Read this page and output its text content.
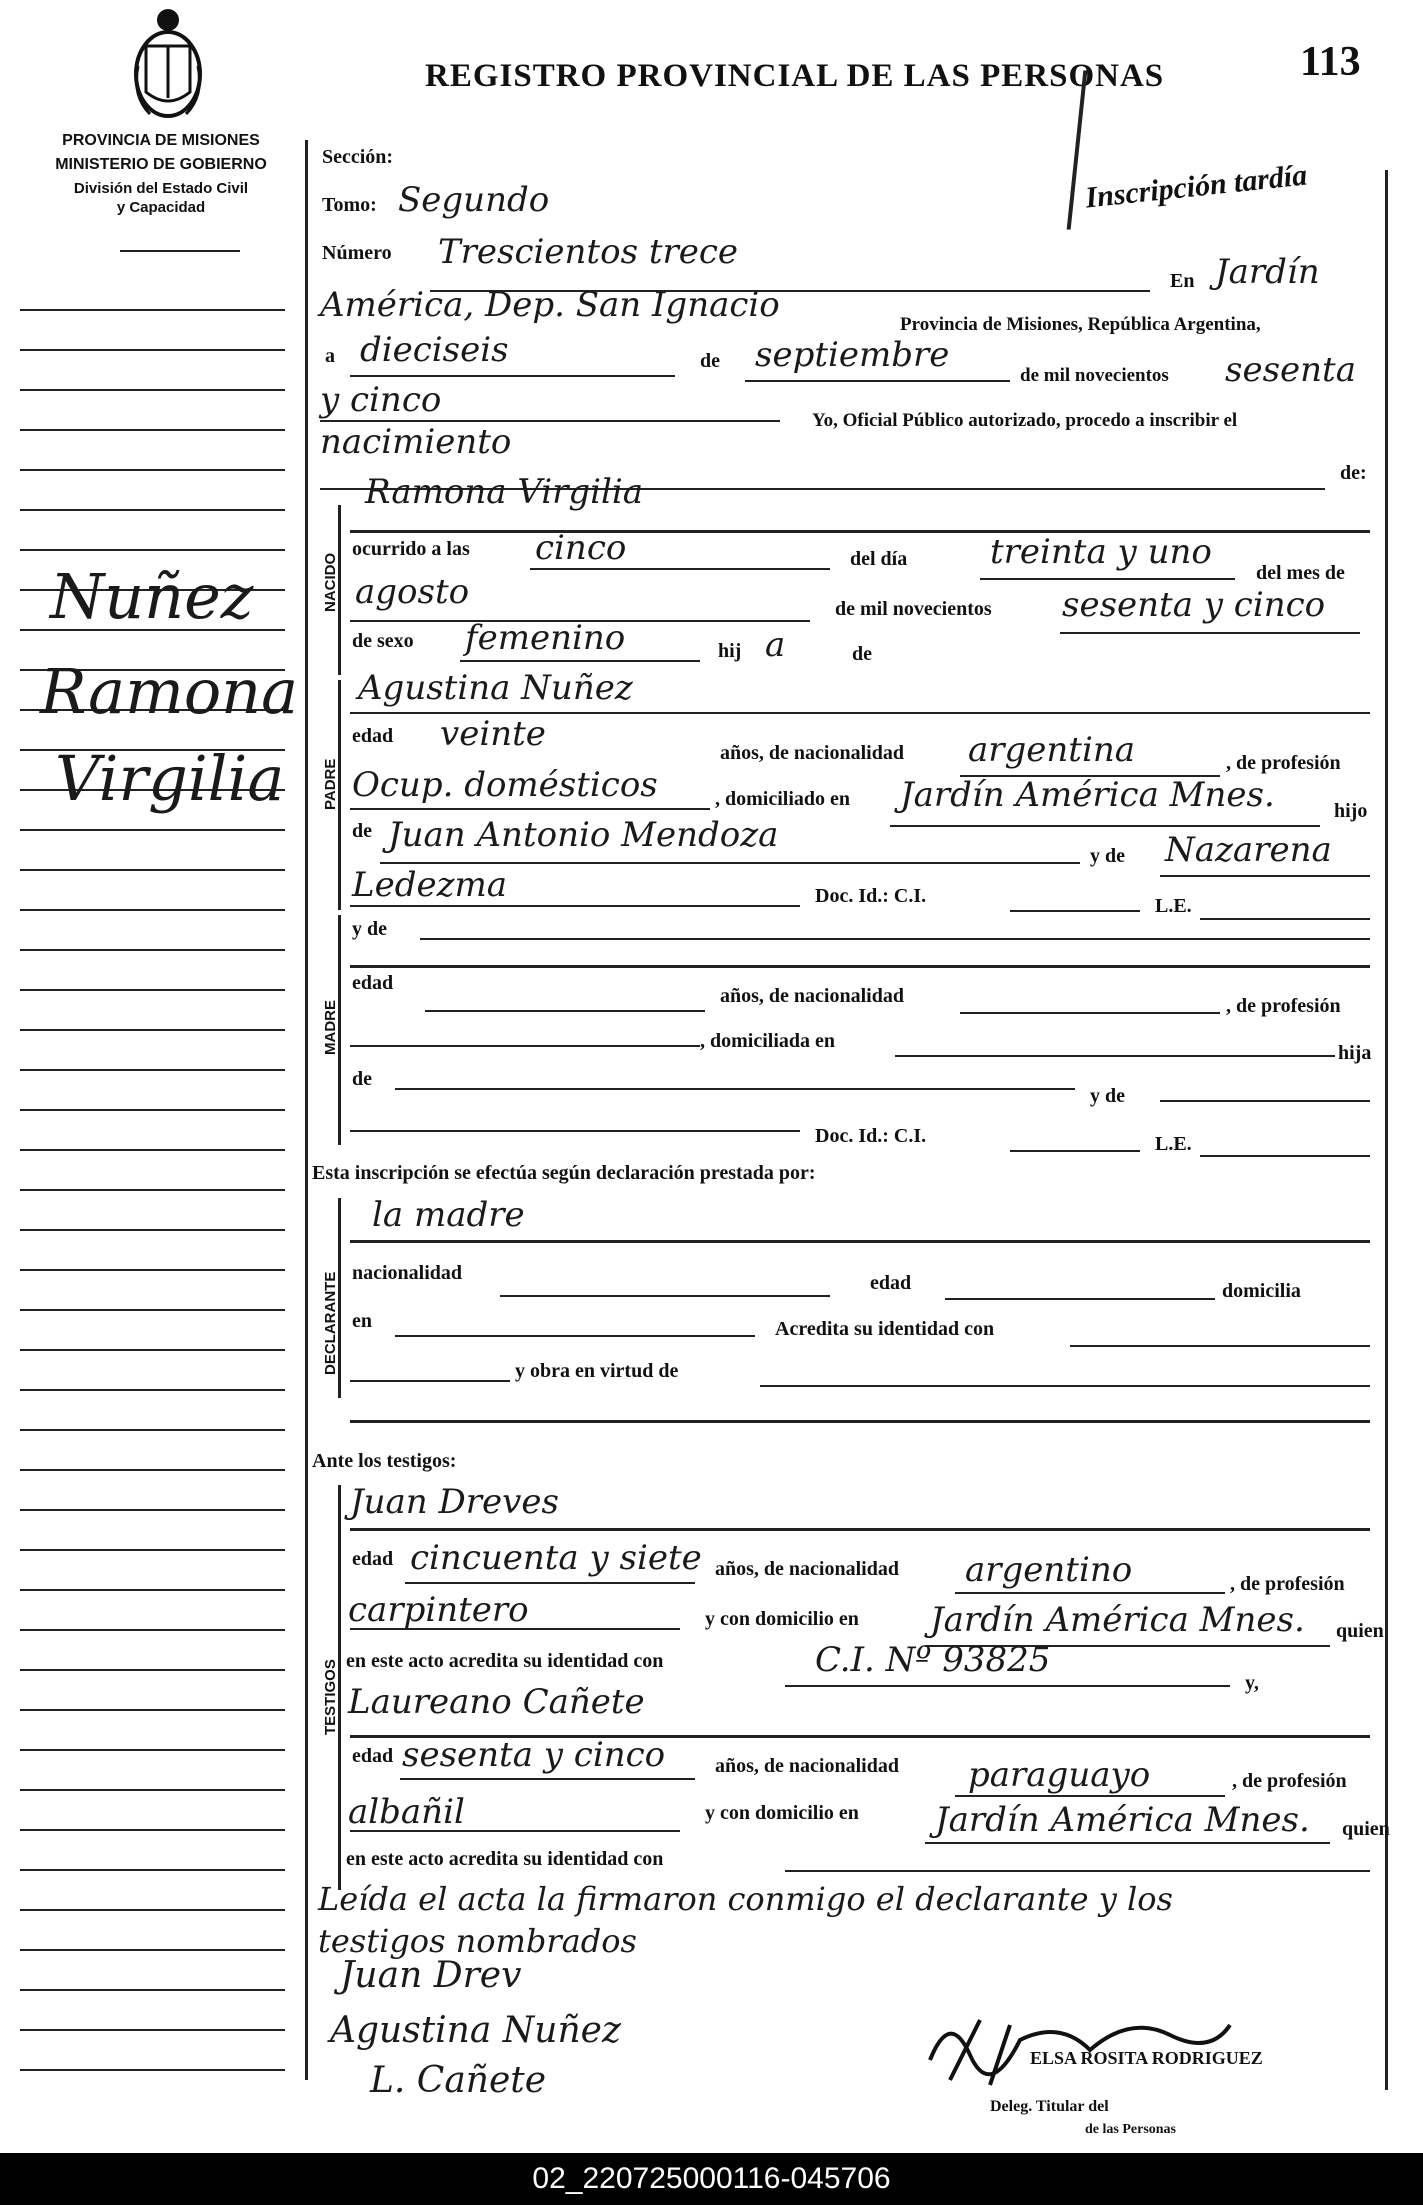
REGISTRO PROVINCIAL DE LAS PERSONAS	113
PROVINCIA DE MISIONES
MINISTERIO DE GOBIERNO
División del Estado Civil
y Capacidad
Nuñez
Ramona
Virgilia
Sección:
Tomo: Segundo	Inscripción tardía
Número Trescientos trece
En Jardín
América, Dep. San Ignacio	Provincia de Misiones, República Argentina,
a dieciseis	de septiembre
de mil novecientos sesenta
y cinco
Yo, Oficial Público autorizado, procedo a inscribir el
nacimiento
de:
NACIDO
Ramona Virgilia
ocurrido a las cinco	del día treinta y uno
del mes de
agosto	de mil novecientos sesenta y cinco
de sexo femenino	hij a	de
PADRE
Agustina Nuñez
edad veinte	años, de nacionalidad argentina	, de profesión
Ocup. domésticos	, domiciliado en Jardín América Mnes.	hijo
de Juan Antonio Mendoza
y de Nazarena
Ledezma	Doc. Id.: C.I.	L.E.
MADRE
y de
edad
años, de nacionalidad	, de profesión
, domiciliada en
hija
de
y de
Doc. Id.: C.I.	L.E.
Esta inscripción se efectúa según declaración prestada por:
DECLARANTE
la madre
nacionalidad	edad	domicilia
en	Acredita su identidad con
y obra en virtud de
Ante los testigos:
TESTIGOS
Juan Dreves
edad cincuenta y siete años, de nacionalidad argentino	, de profesión
carpintero	y con domicilio en Jardín América Mnes. quien
en este acto acredita su identidad con	C.I. Nº 93825
y,
Laureano Cañete
edad sesenta y cinco años, de nacionalidad paraguayo	, de profesión
albañil	y con domicilio en Jardín América Mnes. quien
en este acto acredita su identidad con
Leída el acta la firmaron conmigo el declarante y los
testigos nombrados
Juan Drev
Agustina Nuñez
L. Cañete
ELSA ROSITA RODRIGUEZ
Deleg. Titular del
de las Personas
02_220725000116-045706
